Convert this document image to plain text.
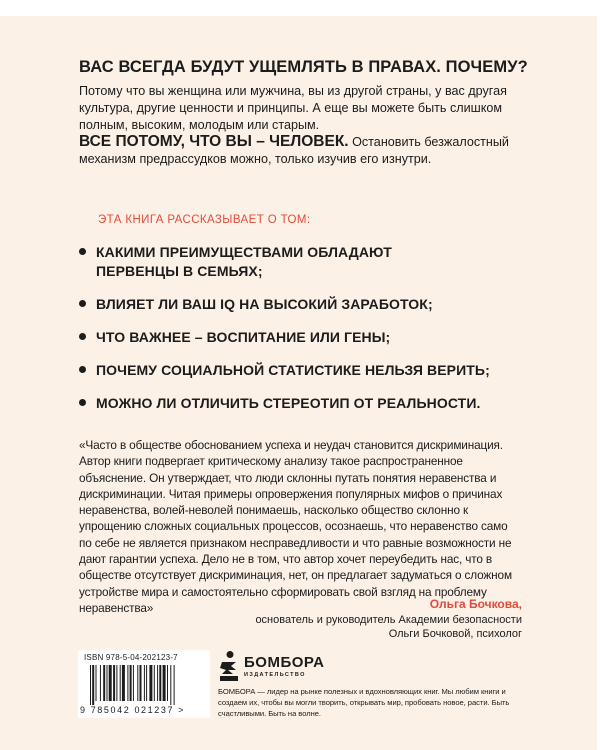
ВАС ВСЕГДА БУДУТ УЩЕМЛЯТЬ В ПРАВАХ. ПОЧЕМУ?
Потому что вы женщина или мужчина, вы из другой страны, у вас другая культура, другие ценности и принципы. А еще вы можете быть слишком полным, высоким, молодым или старым.
ВСЕ ПОТОМУ, ЧТО ВЫ – ЧЕЛОВЕК. Остановить безжалостный механизм предрассудков можно, только изучив его изнутри.
ЭТА КНИГА РАССКАЗЫВАЕТ О ТОМ:
КАКИМИ ПРЕИМУЩЕСТВАМИ ОБЛАДАЮТ ПЕРВЕНЦЫ В СЕМЬЯХ;
ВЛИЯЕТ ЛИ ВАШ IQ НА ВЫСОКИЙ ЗАРАБОТОК;
ЧТО ВАЖНЕЕ – ВОСПИТАНИЕ ИЛИ ГЕНЫ;
ПОЧЕМУ СОЦИАЛЬНОЙ СТАТИСТИКЕ НЕЛЬЗЯ ВЕРИТЬ;
МОЖНО ЛИ ОТЛИЧИТЬ СТЕРЕОТИП ОТ РЕАЛЬНОСТИ.

«Часто в обществе обоснованием успеха и неудач становится дискриминация. Автор книги подвергает критическому анализу такое распространенное объяснение. Он утверждает, что люди склонны путать понятия неравенства и дискриминации. Читая примеры опровержения популярных мифов о причинах неравенства, волей-неволей понимаешь, насколько общество склонно к упрощению сложных социальных процессов, осознаешь, что неравенство само по себе не является признаком несправедливости и что равные возможности не дают гарантии успеха. Дело не в том, что автор хочет переубедить нас, что в обществе отсутствует дискриминация, нет, он предлагает задуматься о сложном устройстве мира и самостоятельно сформировать свой взгляд на проблему неравенства»	Ольга Бочкова,
основатель и руководитель Академии безопасности Ольги Бочковой, психолог
ISBN 978-5-04-202123-7
9 785042 021237 >
БОМБОРА
ИЗДАТЕЛЬСТВО
БОМБОРА — лидер на рынке полезных и вдохновляющих книг. Мы любим книги и создаем их, чтобы вы могли творить, открывать мир, пробовать новое, расти. Быть счастливыми. Быть на волне.
